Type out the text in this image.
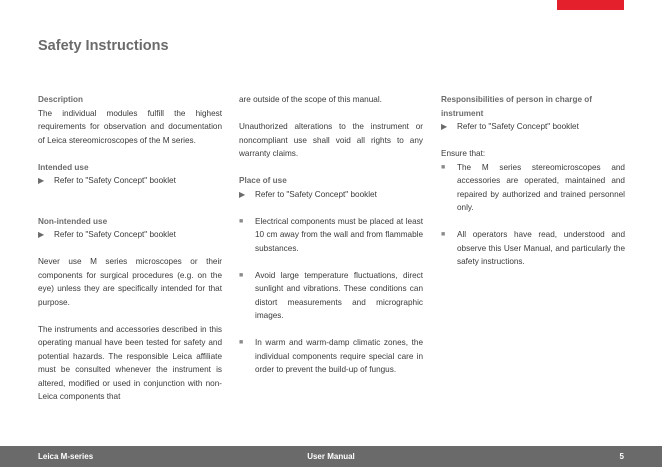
Safety Instructions

Description

The individual modules fulfill the highest requirements for observation and documentation of Leica stereomicroscopes of the M series.

Intended use

▶ Refer to "Safety Concept" booklet

Non-intended use

▶ Refer to "Safety Concept" booklet

Never use M series microscopes or their components for surgical procedures (e.g. on the eye) unless they are specifically intended for that purpose.

The instruments and accessories described in this operating manual have been tested for safety and potential hazards. The responsible Leica affiliate must be consulted whenever the instrument is altered, modified or used in conjunction with non-Leica components that

are outside of the scope of this manual.

Unauthorized alterations to the instrument or noncompliant use shall void all rights to any warranty claims.

Place of use

▶ Refer to "Safety Concept" booklet

■ Electrical components must be placed at least 10 cm away from the wall and from flammable substances.

■ Avoid large temperature fluctuations, direct sunlight and vibrations. These conditions can distort measurements and micrographic images.

■ In warm and warm-damp climatic zones, the individual components require special care in order to prevent the build-up of fungus.

Responsibilities of person in charge of instrument

▶ Refer to "Safety Concept" booklet

Ensure that:

■ The M series stereomicroscopes and accessories are operated, maintained and repaired by authorized and trained personnel only.

■ All operators have read, understood and observe this User Manual, and particularly the safety instructions.

User Manual
Leica M-series	5
